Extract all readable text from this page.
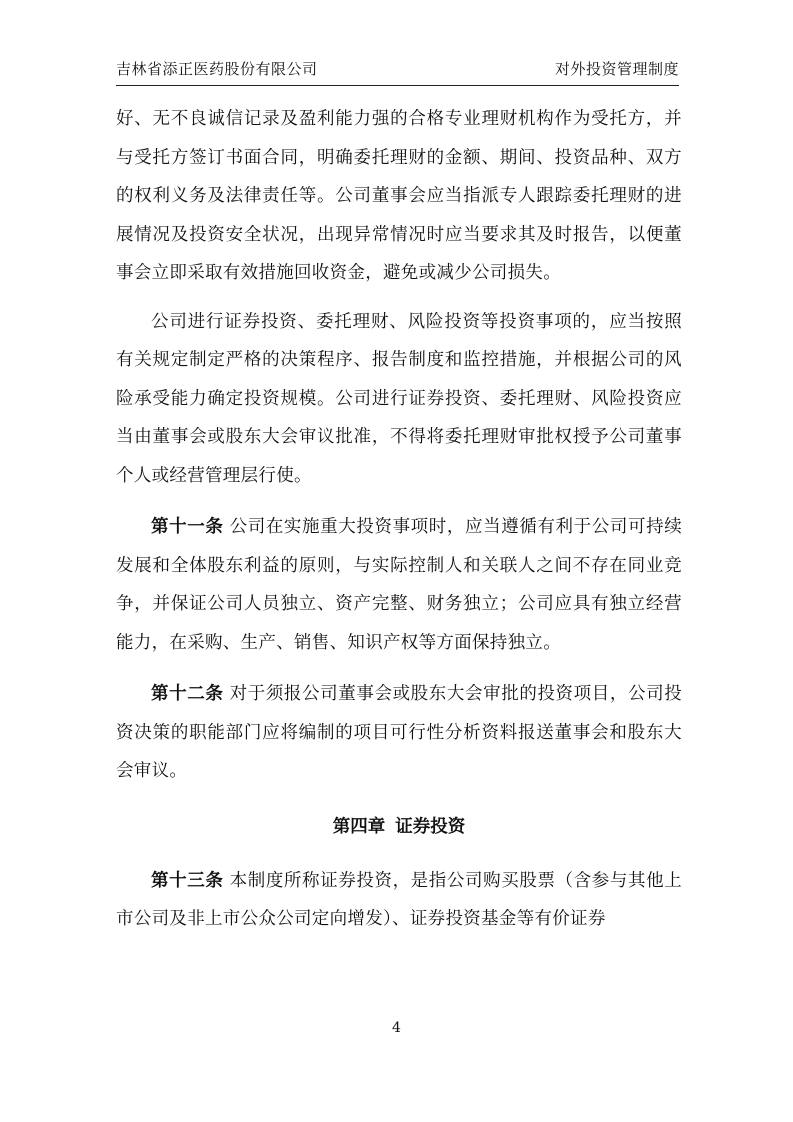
吉林省添正医药股份有限公司	对外投资管理制度

好、无不良诚信记录及盈利能力强的合格专业理财机构作为受托方，并与受托方签订书面合同，明确委托理财的金额、期间、投资品种、双方的权利义务及法律责任等。公司董事会应当指派专人跟踪委托理财的进展情况及投资安全状况，出现异常情况时应当要求其及时报告，以便董事会立即采取有效措施回收资金，避免或减少公司损失。

公司进行证券投资、委托理财、风险投资等投资事项的，应当按照有关规定制定严格的决策程序、报告制度和监控措施，并根据公司的风险承受能力确定投资规模。公司进行证券投资、委托理财、风险投资应当由董事会或股东大会审议批准，不得将委托理财审批权授予公司董事个人或经营管理层行使。

第十一条 公司在实施重大投资事项时，应当遵循有利于公司可持续发展和全体股东利益的原则，与实际控制人和关联人之间不存在同业竞争，并保证公司人员独立、资产完整、财务独立；公司应具有独立经营能力，在采购、生产、销售、知识产权等方面保持独立。

第十二条 对于须报公司董事会或股东大会审批的投资项目，公司投资决策的职能部门应将编制的项目可行性分析资料报送董事会和股东大会审议。

第四章 证券投资

第十三条 本制度所称证券投资，是指公司购买股票（含参与其他上市公司及非上市公众公司定向增发）、证券投资基金等有价证券

4
